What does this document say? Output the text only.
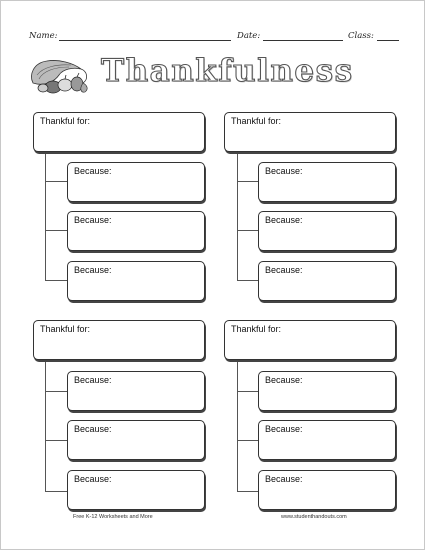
Name:	Date:	Class:
Thankfulness
Thankful for:
Because:
Because:
Because:
Thankful for:
Because:
Because:
Because:
Thankful for:
Because:
Because:
Because:
Thankful for:
Because:
Because:
Because:
Free K-12 Worksheets and More	www.studenthandouts.com
